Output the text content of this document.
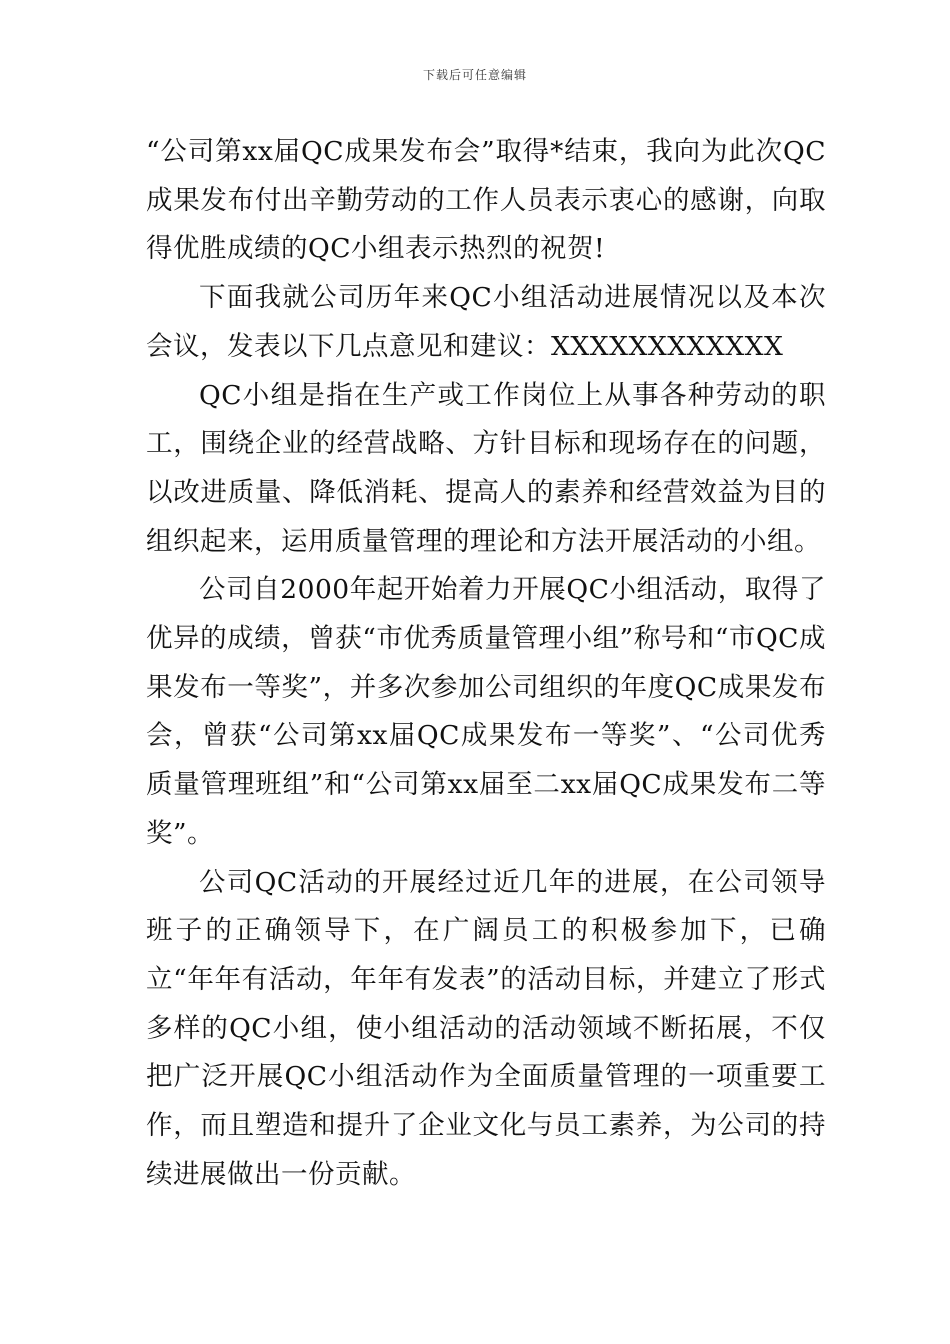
下载后可任意编辑

“公司第xx届QC成果发布会”取得*结束，我向为此次QC成果发布付出辛勤劳动的工作人员表示衷心的感谢，向取得优胜成绩的QC小组表示热烈的祝贺!

下面我就公司历年来QC小组活动进展情况以及本次会议，发表以下几点意见和建议：XXXXXXXXXXXX

QC小组是指在生产或工作岗位上从事各种劳动的职工，围绕企业的经营战略、方针目标和现场存在的问题，以改进质量、降低消耗、提高人的素养和经营效益为目的组织起来，运用质量管理的理论和方法开展活动的小组。

公司自2000年起开始着力开展QC小组活动，取得了优异的成绩，曾获“市优秀质量管理小组”称号和“市QC成果发布一等奖”，并多次参加公司组织的年度QC成果发布会，曾获“公司第xx届QC成果发布一等奖”、“公司优秀质量管理班组”和“公司第xx届至二xx届QC成果发布二等奖”。

公司QC活动的开展经过近几年的进展，在公司领导班子的正确领导下，在广阔员工的积极参加下，已确立“年年有活动，年年有发表”的活动目标，并建立了形式多样的QC小组，使小组活动的活动领域不断拓展，不仅把广泛开展QC小组活动作为全面质量管理的一项重要工作，而且塑造和提升了企业文化与员工素养，为公司的持续进展做出一份贡献。
